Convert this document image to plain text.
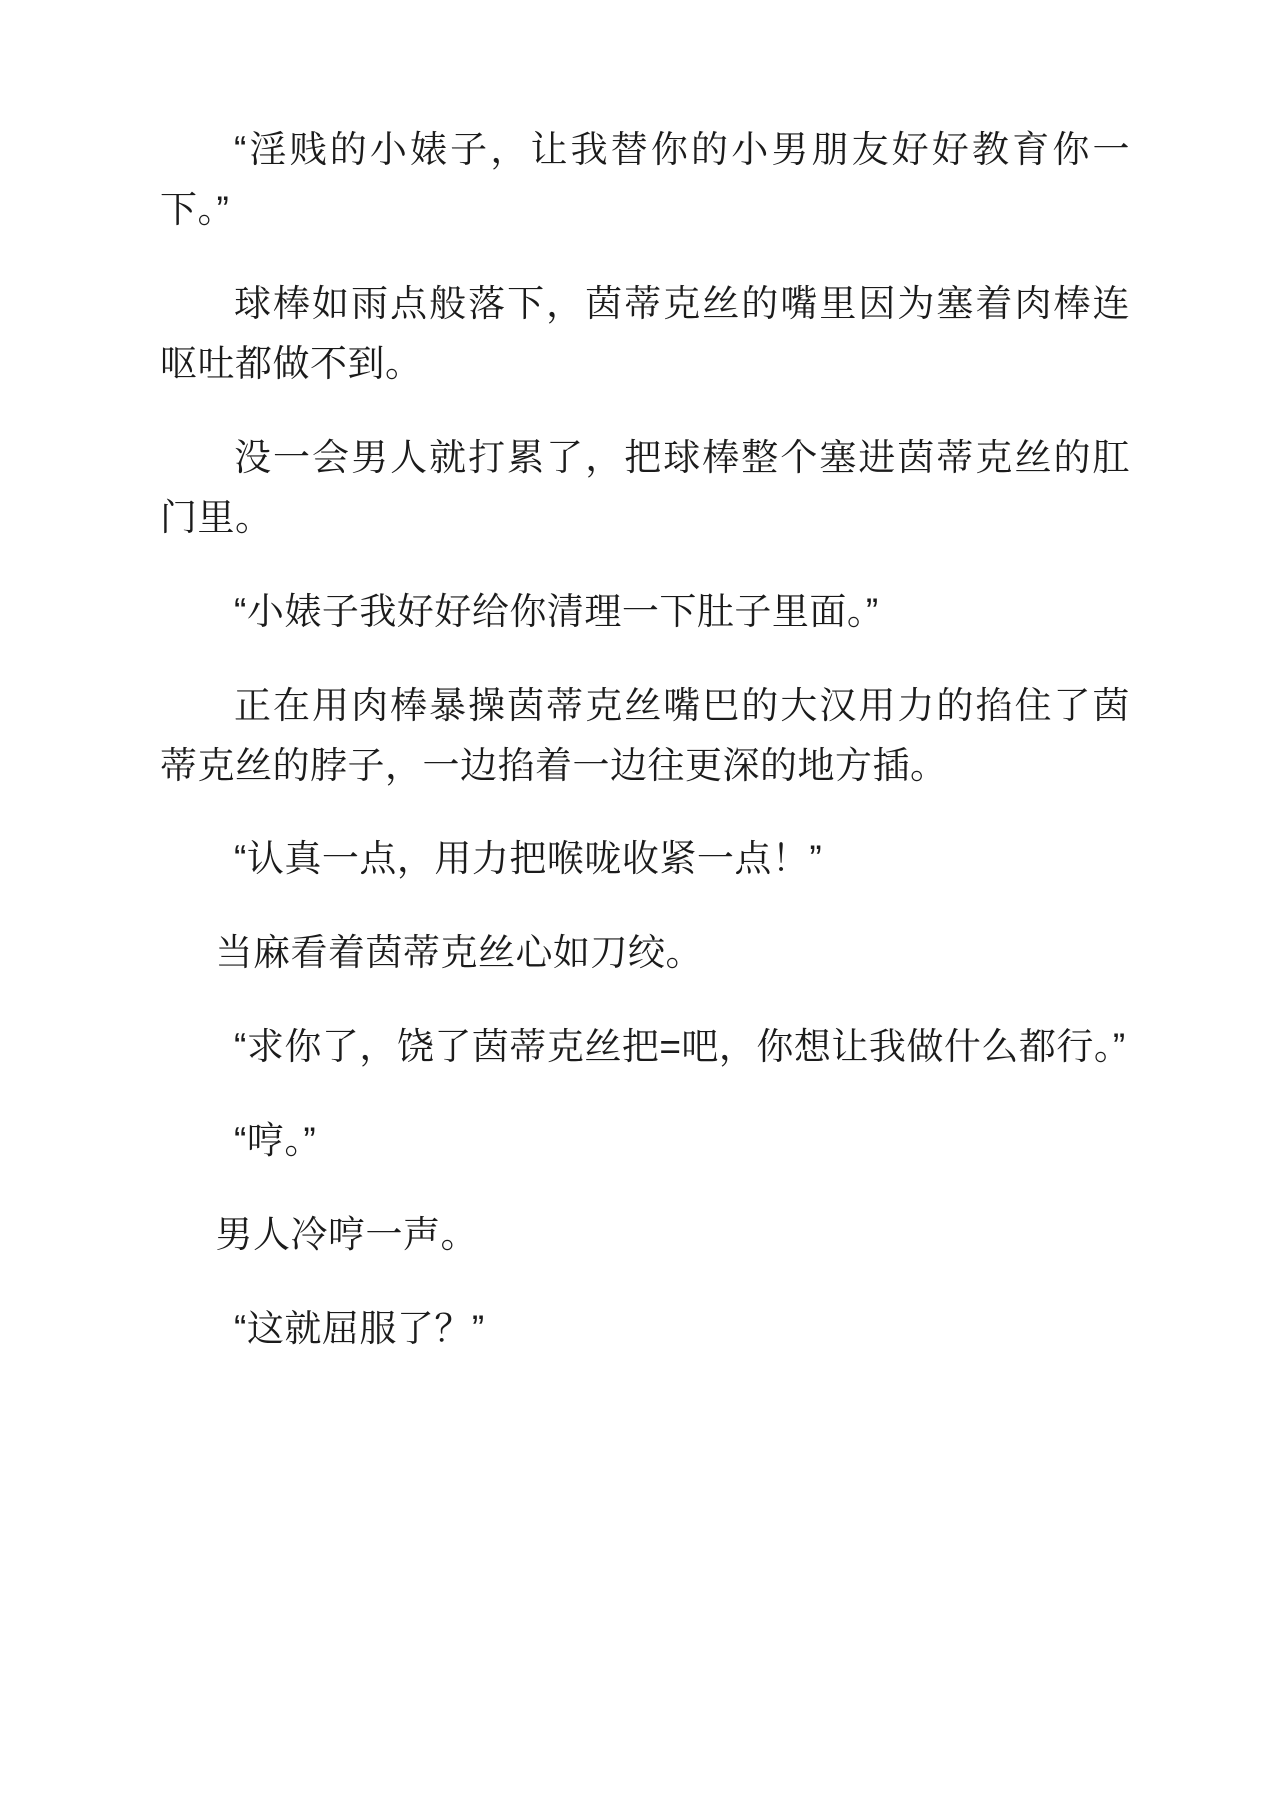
“淫贱的小婊子，让我替你的小男朋友好好教育你一下。”

球棒如雨点般落下，茵蒂克丝的嘴里因为塞着肉棒连呕吐都做不到。

没一会男人就打累了，把球棒整个塞进茵蒂克丝的肛门里。

“小婊子我好好给你清理一下肚子里面。”

正在用肉棒暴操茵蒂克丝嘴巴的大汉用力的掐住了茵蒂克丝的脖子，一边掐着一边往更深的地方插。

“认真一点，用力把喉咙收紧一点！”

当麻看着茵蒂克丝心如刀绞。

“求你了，饶了茵蒂克丝把=吧，你想让我做什么都行。”

“哼。”

男人冷哼一声。

“这就屈服了？”
